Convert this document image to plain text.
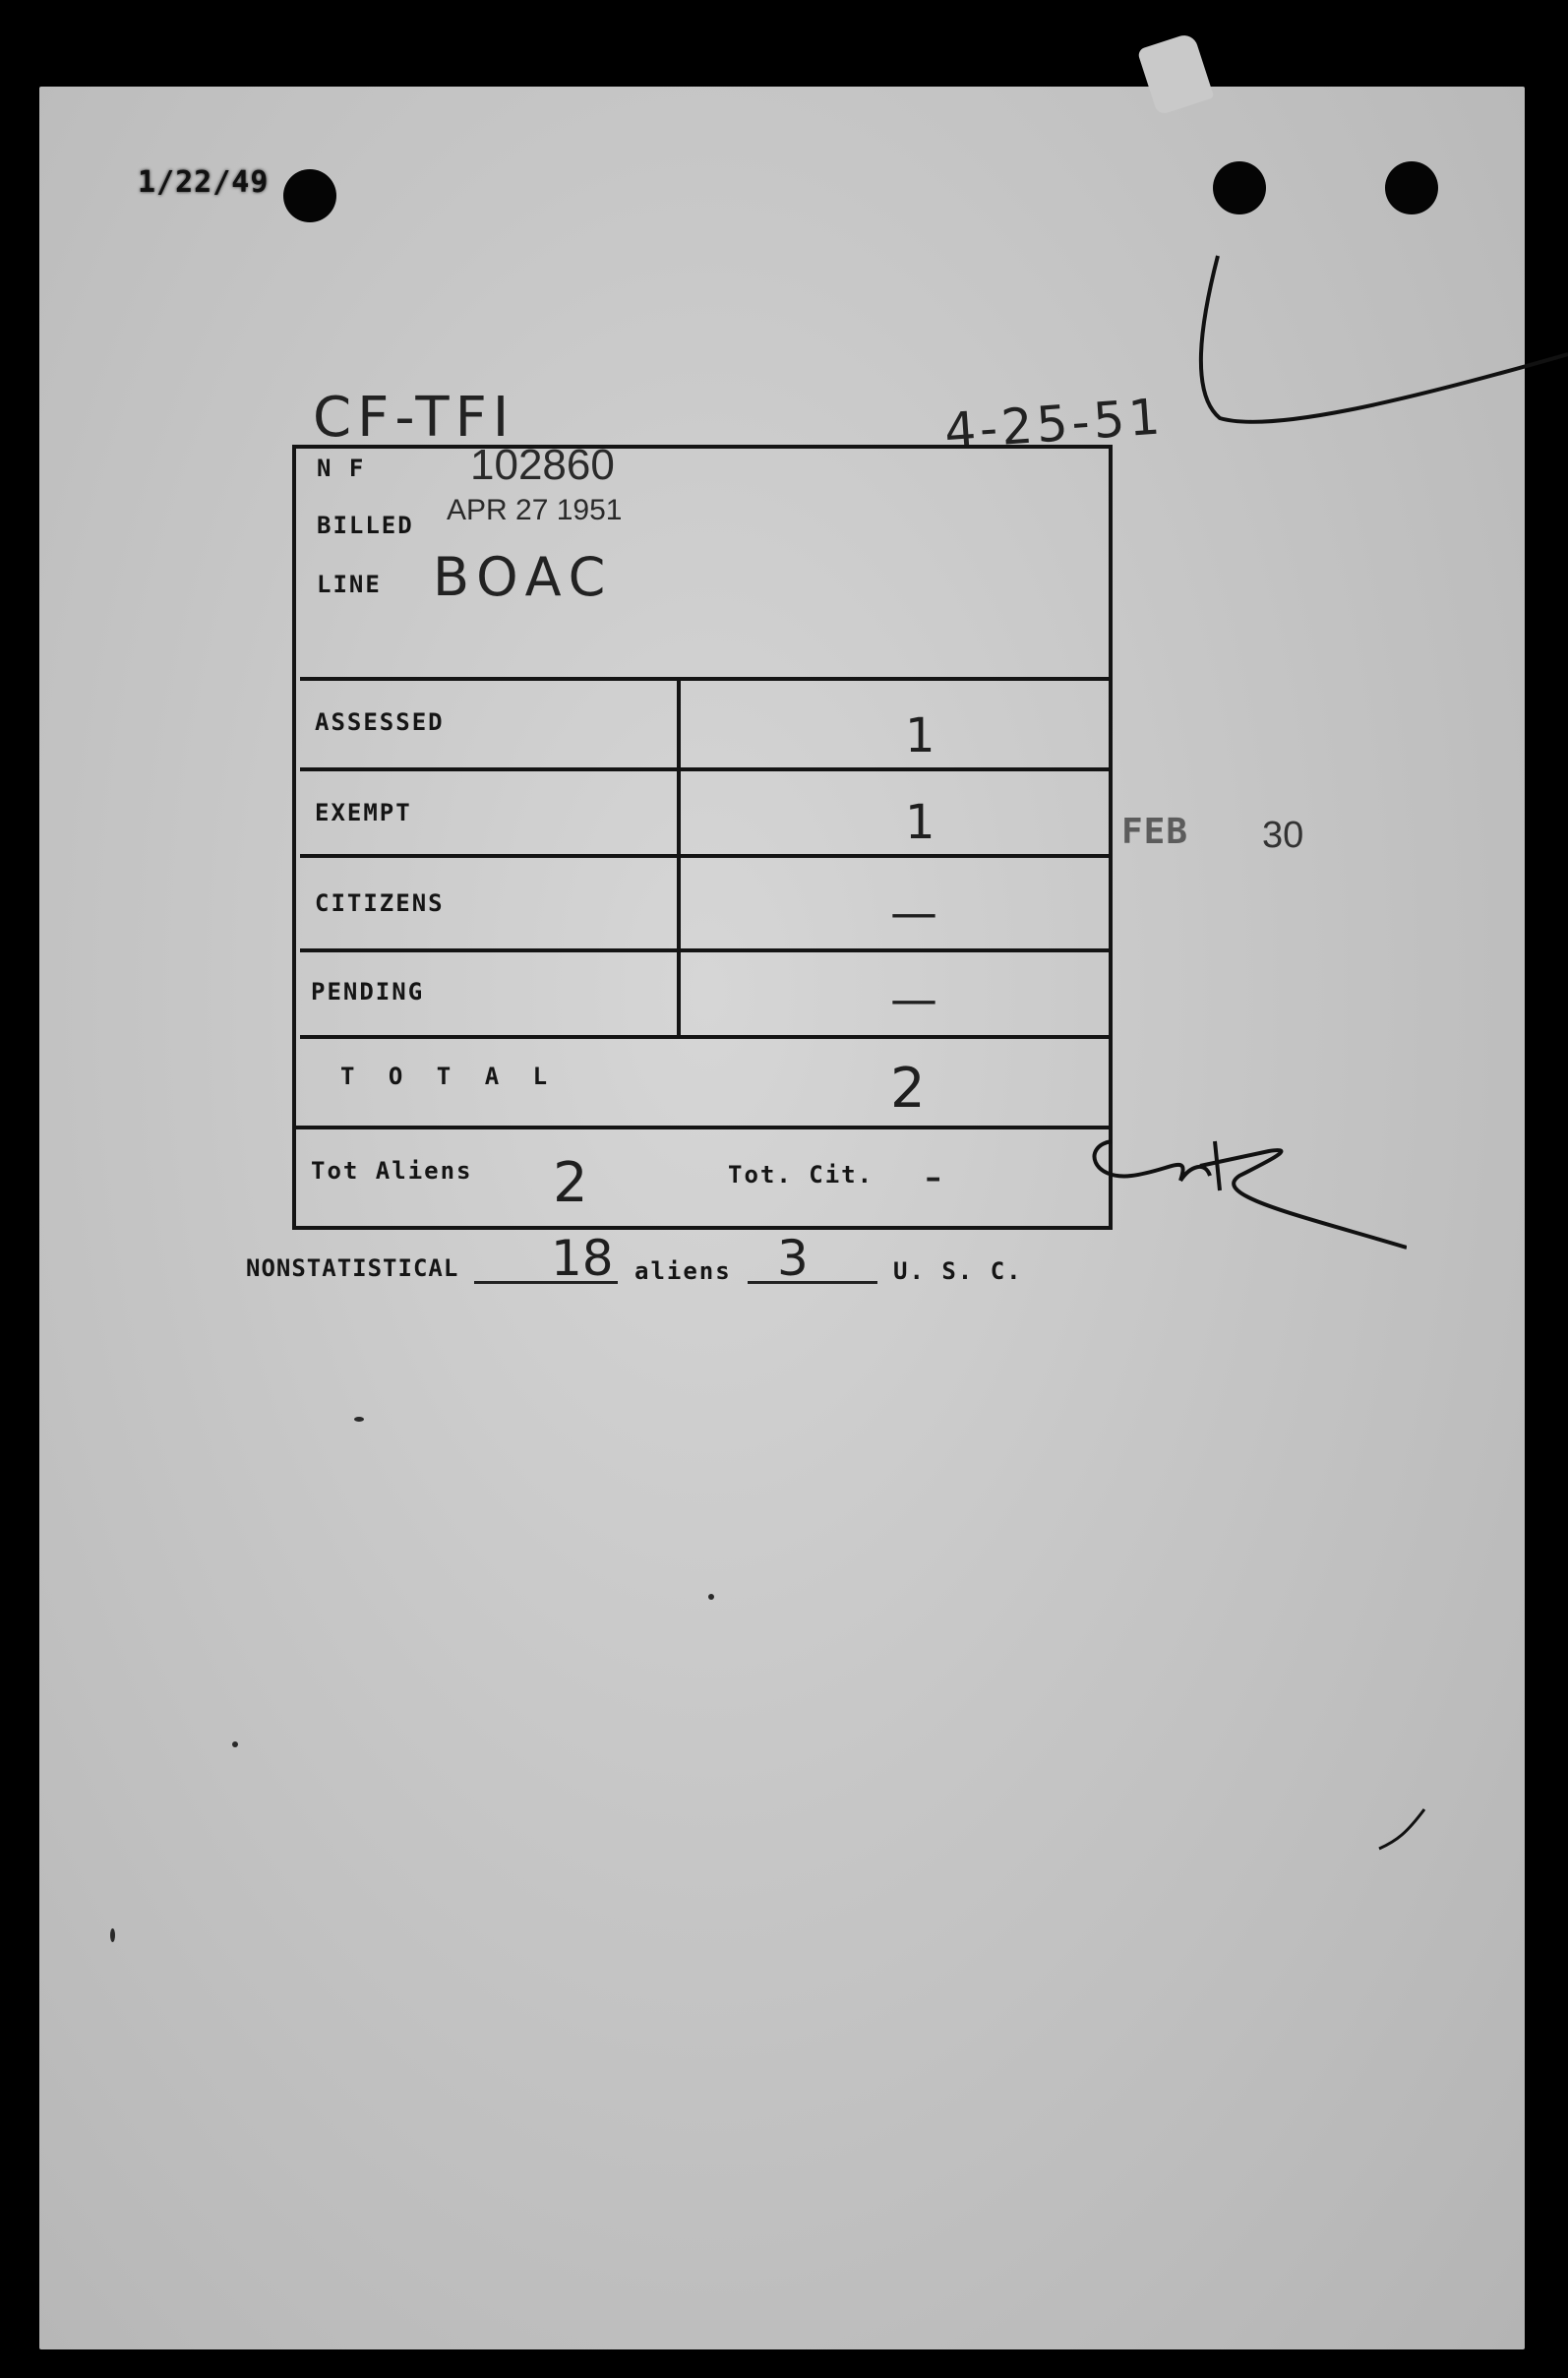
1/22/49
CF-TFI	4-25-51
N F 102860
BILLED APR 27 1951
LINE BOAC
ASSESSED	1
EXEMPT	1
CITIZENS	—
PENDING	—
T O T A L	2
Tot Aliens 2	Tot. Cit. -
FEB 30
NONSTATISTICAL 18 aliens 3	U. S. C.
